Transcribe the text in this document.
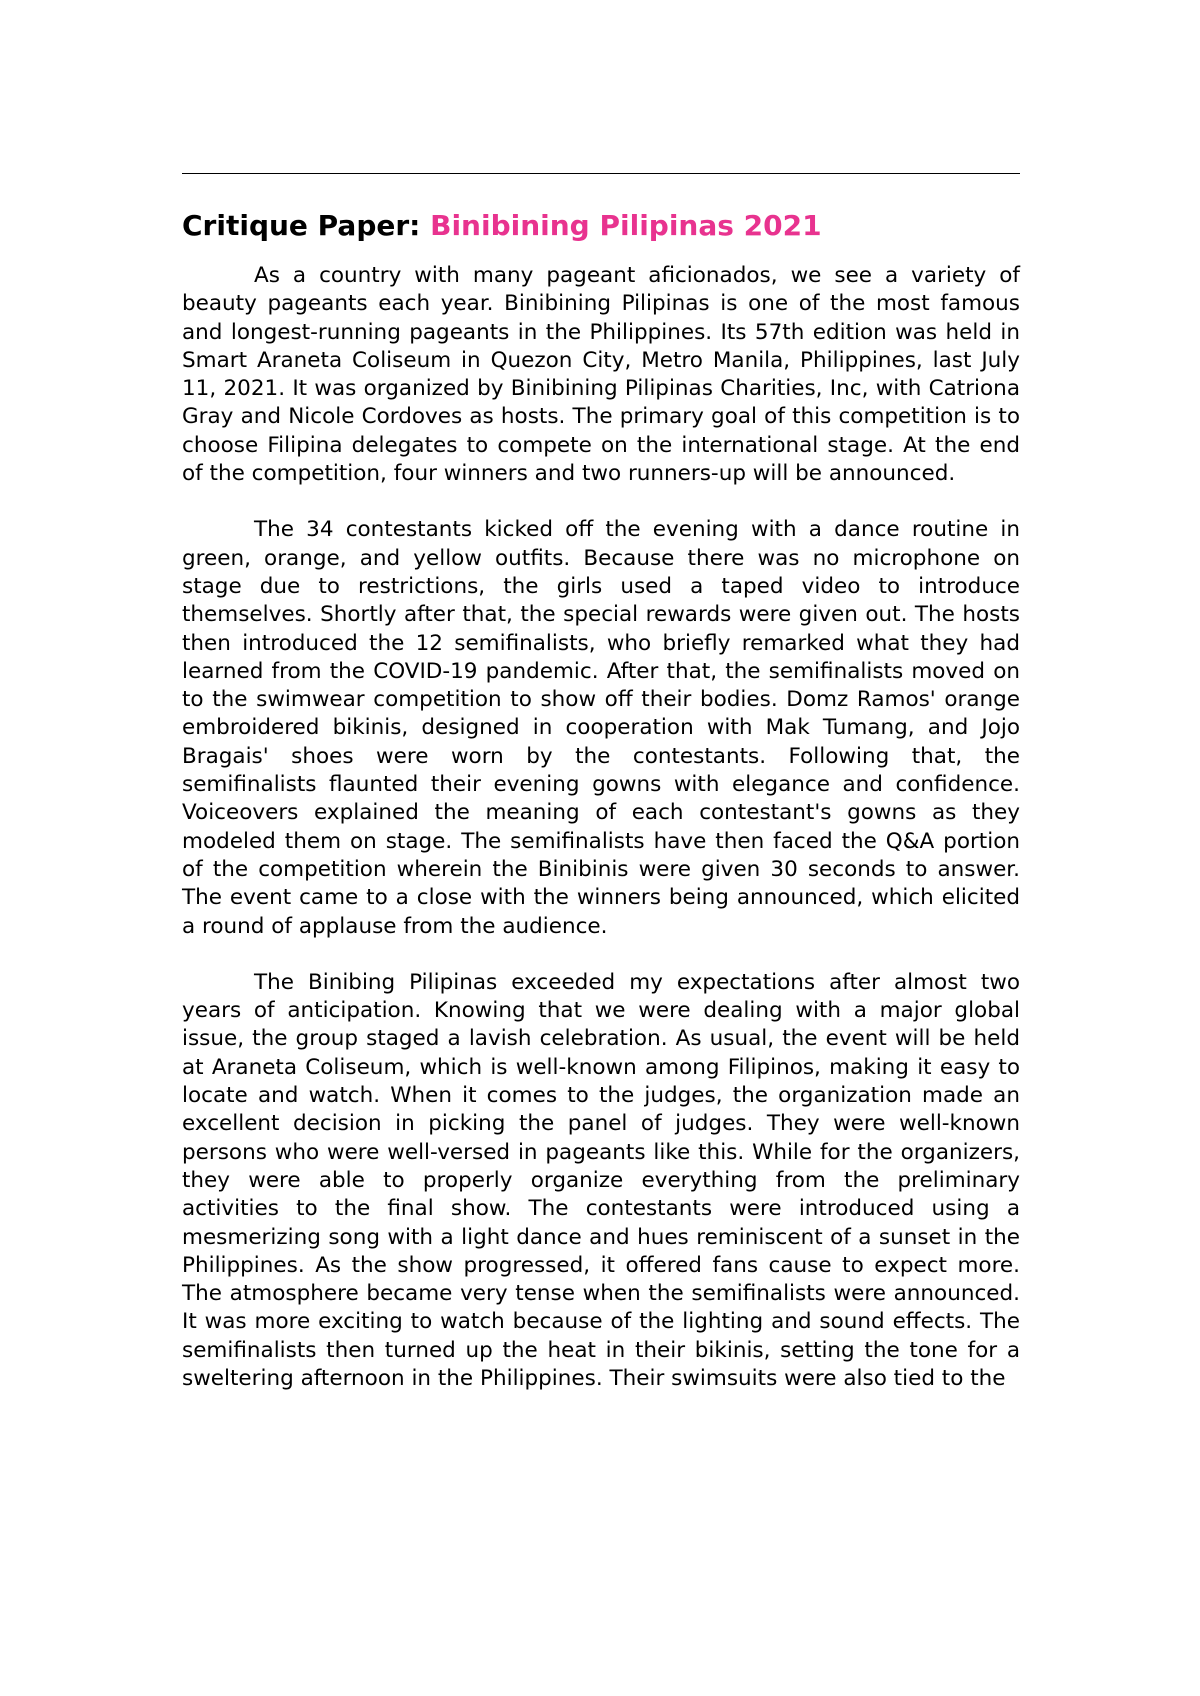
Critique Paper: Binibining Pilipinas 2021

As a country with many pageant aficionados, we see a variety of beauty pageants each year. Binibining Pilipinas is one of the most famous and longest-running pageants in the Philippines. Its 57th edition was held in Smart Araneta Coliseum in Quezon City, Metro Manila, Philippines, last July 11, 2021. It was organized by Binibining Pilipinas Charities, Inc, with Catriona Gray and Nicole Cordoves as hosts. The primary goal of this competition is to choose Filipina delegates to compete on the international stage. At the end of the competition, four winners and two runners-up will be announced.

The 34 contestants kicked off the evening with a dance routine in green, orange, and yellow outfits. Because there was no microphone on stage due to restrictions, the girls used a taped video to introduce themselves. Shortly after that, the special rewards were given out. The hosts then introduced the 12 semifinalists, who briefly remarked what they had learned from the COVID-19 pandemic. After that, the semifinalists moved on to the swimwear competition to show off their bodies. Domz Ramos' orange embroidered bikinis, designed in cooperation with Mak Tumang, and Jojo Bragais' shoes were worn by the contestants. Following that, the semifinalists flaunted their evening gowns with elegance and confidence. Voiceovers explained the meaning of each contestant's gowns as they modeled them on stage. The semifinalists have then faced the Q&A portion of the competition wherein the Binibinis were given 30 seconds to answer. The event came to a close with the winners being announced, which elicited a round of applause from the audience.

The Binibing Pilipinas exceeded my expectations after almost two years of anticipation. Knowing that we were dealing with a major global issue, the group staged a lavish celebration. As usual, the event will be held at Araneta Coliseum, which is well-known among Filipinos, making it easy to locate and watch. When it comes to the judges, the organization made an excellent decision in picking the panel of judges. They were well-known persons who were well-versed in pageants like this. While for the organizers, they were able to properly organize everything from the preliminary activities to the final show. The contestants were introduced using a mesmerizing song with a light dance and hues reminiscent of a sunset in the Philippines. As the show progressed, it offered fans cause to expect more. The atmosphere became very tense when the semifinalists were announced. It was more exciting to watch because of the lighting and sound effects. The semifinalists then turned up the heat in their bikinis, setting the tone for a sweltering afternoon in the Philippines. Their swimsuits were also tied to the
